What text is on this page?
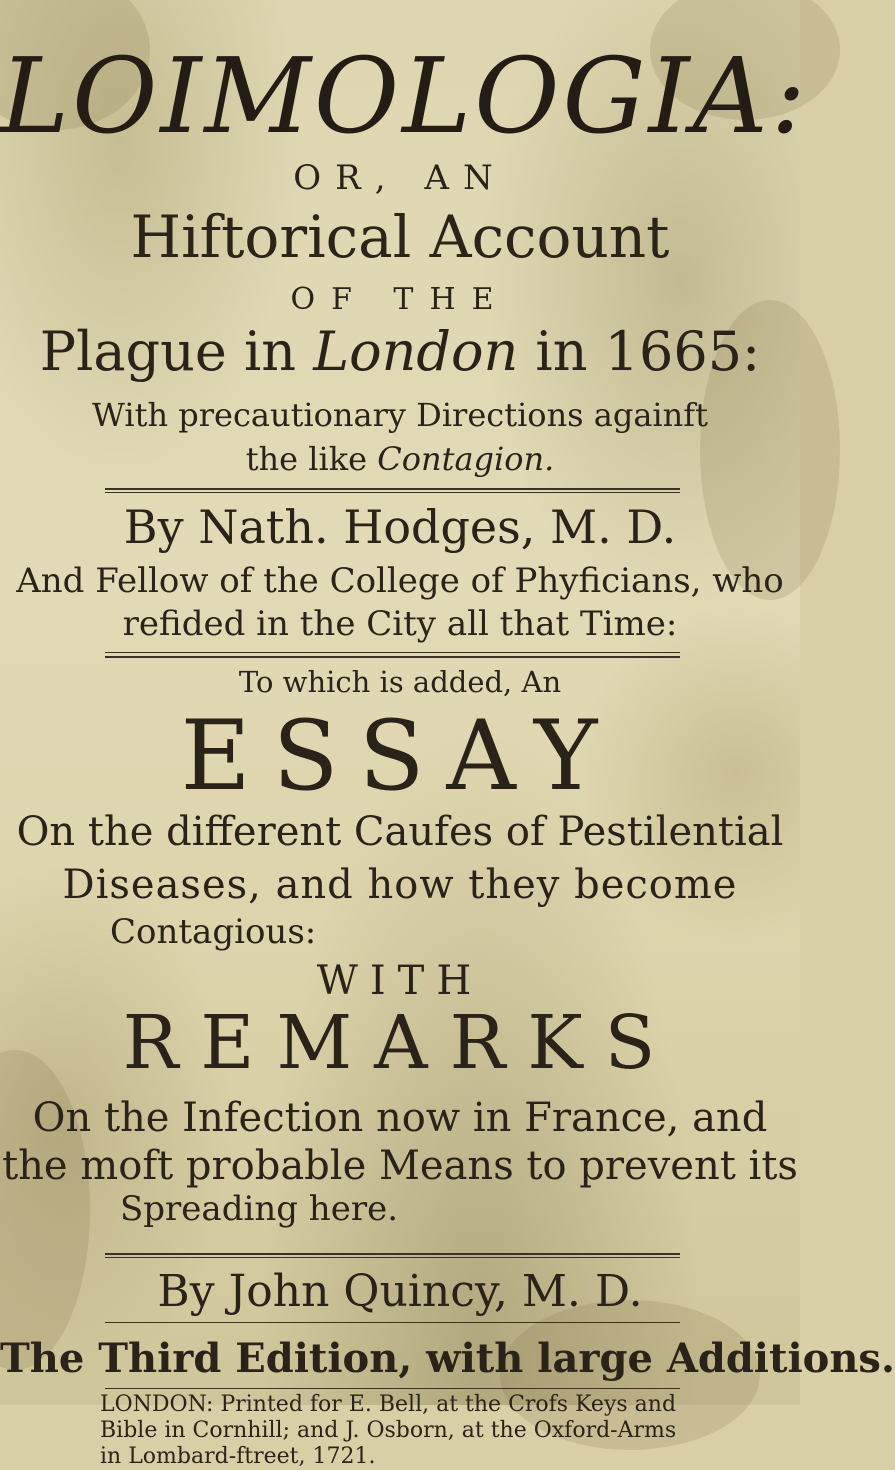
LOIMOLOGIA:
OR, AN
Hiftorical Account
OF THE
Plague in London in 1665:
With precautionary Directions againft
the like Contagion.
By Nath. Hodges, M. D.
And Fellow of the College of Phyficians, who
refided in the City all that Time:
To which is added, An
ESSAY
On the different Caufes of Pestilential
Diseases, and how they become
Contagious:
WITH
REMARKS
On the Infection now in France, and
the moft probable Means to prevent its
Spreading here.
By John Quincy, M. D.
The Third Edition, with large Additions.
LONDON: Printed for E. Bell, at the Crofs Keys and Bible in Cornhill; and J. Osborn, at the Oxford-Arms in Lombard-ftreet, 1721.
